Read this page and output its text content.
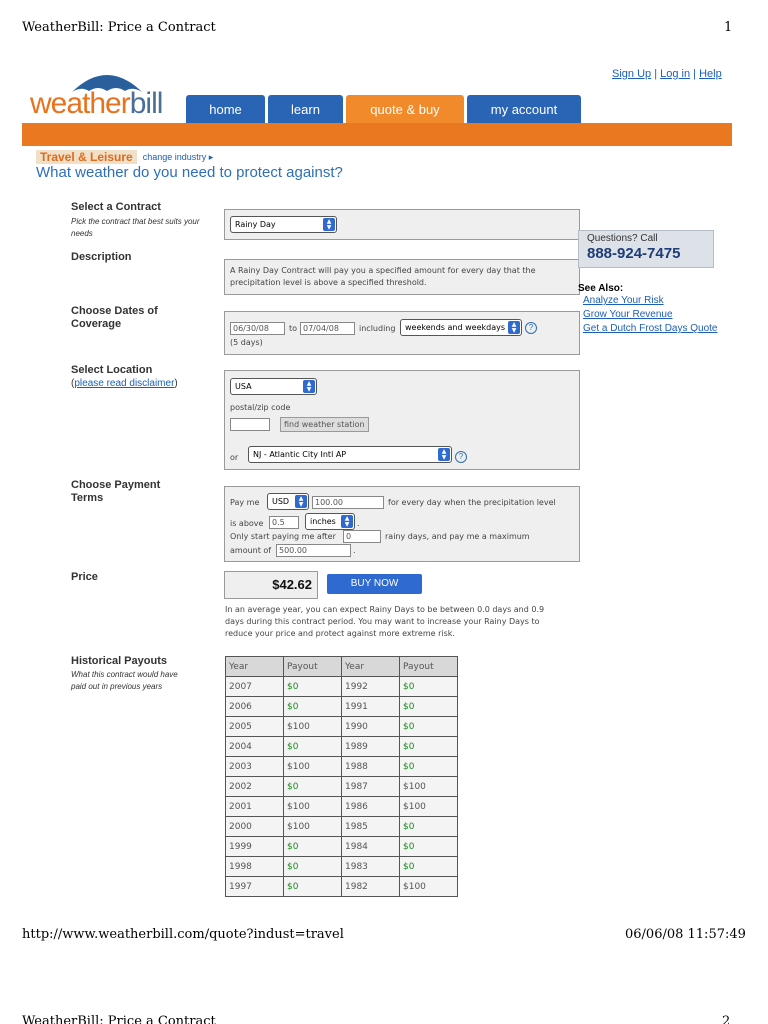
WeatherBill: Price a Contract	1
weatherbill
Sign Up | Log in | Help
home	learn	quote & buy	my account
Travel & Leisure	change industry ▸
What weather do you need to protect against?
Select a Contract
Pick the contract that best suits your needs
Rainy Day	▲
▼
Description
A Rainy Day Contract will pay you a specified amount for every day that the precipitation level is above a specified threshold.
Choose Dates of Coverage	06/30/08	to 07/04/08	including	weekends and weekdays	▲
▼	?
(5 days)
Select Location
(please read disclaimer)	USA	▲
▼
postal/zip code
find weather station
or	NJ - Atlantic City Intl AP	▲
▼	?
Choose Payment Terms	Pay me	USD	▲
▼	100.00	for every day when the precipitation level
is above	0.5	inches	▲
▼ .
Only start paying me after	0	rainy days, and pay me a maximum
amount of 500.00	.
Price	$42.62	BUY NOW
In an average year, you can expect Rainy Days to be between 0.0 days and 0.9 days during this contract period. You may want to increase your Rainy Days to reduce your price and protect against more extreme risk.
Historical Payouts
What this contract would have paid out in previous years
Year	Payout	Year	Payout
2007	$0	1992	$0
2006	$0	1991	$0
2005	$100	1990	$0
2004	$0	1989	$0
2003	$100	1988	$0
2002	$0	1987	$100
2001	$100	1986	$100
2000	$100	1985	$0
1999	$0	1984	$0
1998	$0	1983	$0
1997	$0	1982	$100
Questions? Call
888-924-7475
See Also:
Analyze Your Risk
Grow Your Revenue
Get a Dutch Frost Days Quote
http://www.weatherbill.com/quote?indust=travel	06/06/08 11:57:49
WeatherBill: Price a Contract	2
